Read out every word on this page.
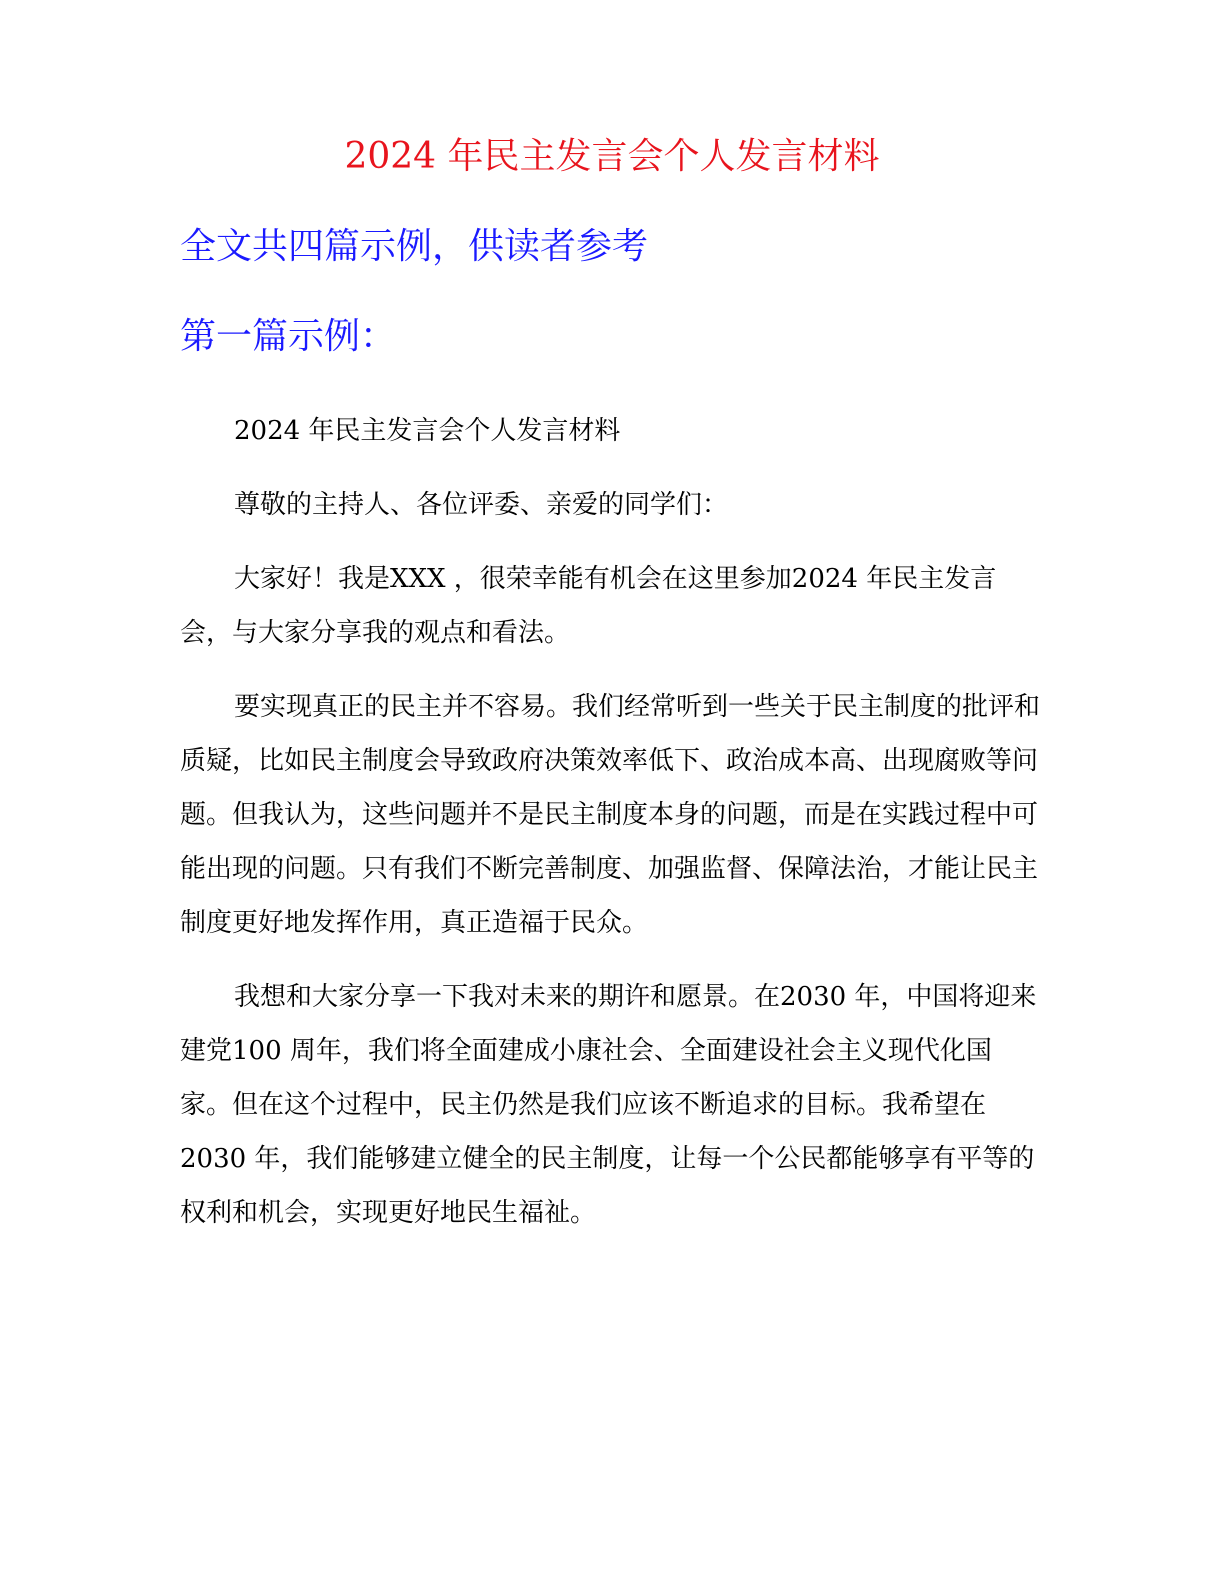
2024 年民主发言会个人发言材料
全文共四篇示例，供读者参考
第一篇示例：

2024 年民主发言会个人发言材料

尊敬的主持人、各位评委、亲爱的同学们：

大家好！我是XXX ，很荣幸能有机会在这里参加2024 年民主发言会，与大家分享我的观点和看法。

要实现真正的民主并不容易。我们经常听到一些关于民主制度的批评和质疑，比如民主制度会导致政府决策效率低下、政治成本高、出现腐败等问题。但我认为，这些问题并不是民主制度本身的问题，而是在实践过程中可能出现的问题。只有我们不断完善制度、加强监督、保障法治，才能让民主制度更好地发挥作用，真正造福于民众。

我想和大家分享一下我对未来的期许和愿景。在2030 年，中国将迎来建党100 周年，我们将全面建成小康社会、全面建设社会主义现代化国家。但在这个过程中，民主仍然是我们应该不断追求的目标。我希望在2030 年，我们能够建立健全的民主制度，让每一个公民都能够享有平等的权利和机会，实现更好地民生福祉。
